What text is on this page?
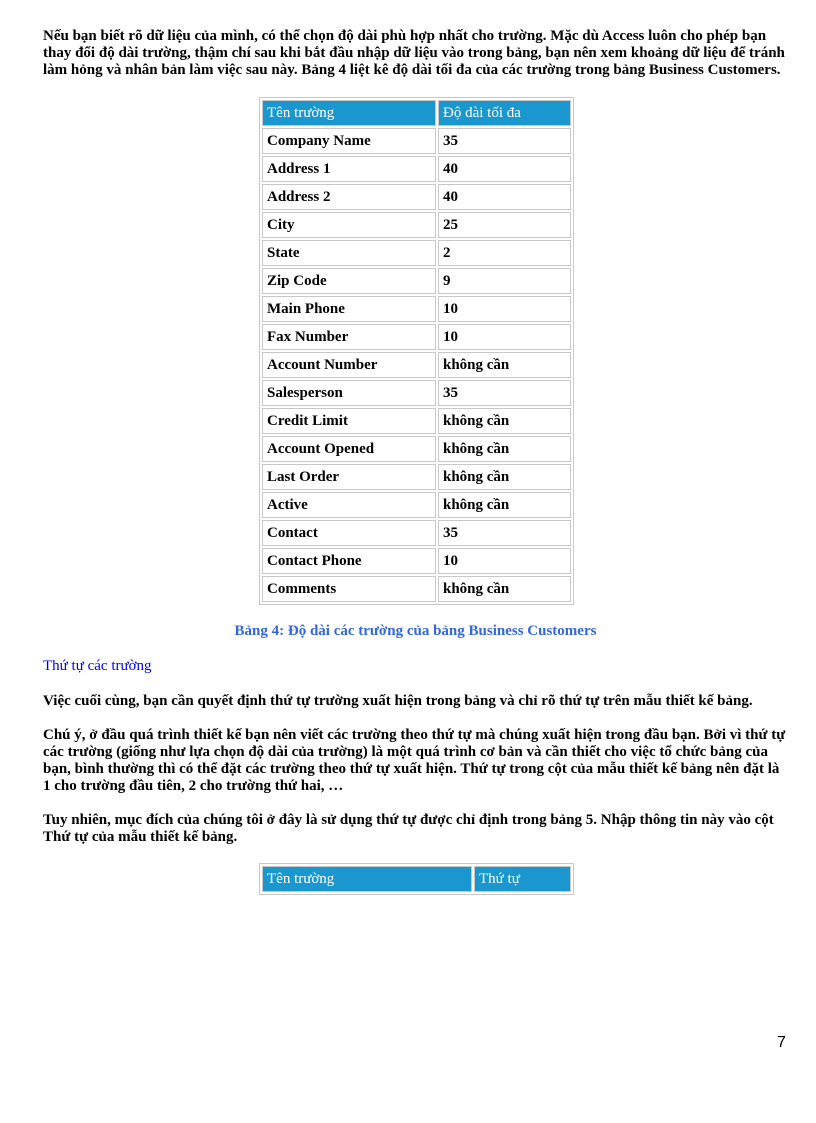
Nếu bạn biết rõ dữ liệu của mình, có thể chọn độ dài phù hợp nhất cho trường. Mặc dù Access luôn cho phép bạn thay đổi độ dài trường, thậm chí sau khi bắt đầu nhập dữ liệu vào trong bảng, bạn nên xem khoảng dữ liệu để tránh làm hỏng và nhân bản làm việc sau này. Bảng 4 liệt kê độ dài tối đa của các trường trong bảng Business Customers.

Tên trường	Độ dài tối đa
Company Name	35
Address 1	40
Address 2	40
City	25
State	2
Zip Code	9
Main Phone	10
Fax Number	10
Account Number	không cần
Salesperson	35
Credit Limit	không cần
Account Opened	không cần
Last Order	không cần
Active	không cần
Contact	35
Contact Phone	10
Comments	không cần
Bảng 4: Độ dài các trường của bảng Business Customers

Thứ tự các trường

Việc cuối cùng, bạn cần quyết định thứ tự trường xuất hiện trong bảng và chỉ rõ thứ tự trên mẫu thiết kế bảng.

Chú ý, ở đầu quá trình thiết kế bạn nên viết các trường theo thứ tự mà chúng xuất hiện trong đầu bạn. Bởi vì thứ tự các trường (giống như lựa chọn độ dài của trường) là một quá trình cơ bản và cần thiết cho việc tổ chức bảng của bạn, bình thường thì có thể đặt các trường theo thứ tự xuất hiện. Thứ tự trong cột của mẫu thiết kế bảng nên đặt là 1 cho trường đầu tiên, 2 cho trường thứ hai, …

Tuy nhiên, mục đích của chúng tôi ở đây là sử dụng thứ tự được chỉ định trong bảng 5. Nhập thông tin này vào cột Thứ tự của mẫu thiết kế bảng.

Tên trường	Thứ tự
7
